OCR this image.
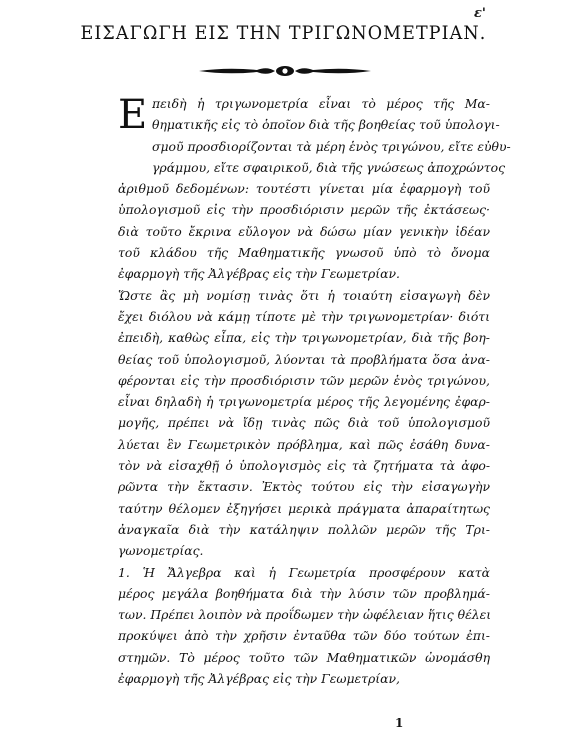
ε'
ΕΙΣΑΓΩΓΗ ΕΙΣ ΤΗΝ ΤΡΙΓΩΝΟΜΕΤΡΙΑΝ.
Ε πειδὴ ἡ τριγωνομετρία εἶναι τὸ μέρος τῆς Μα-
θηματικῆς εἰς τὸ ὁποῖον διὰ τῆς βοηθείας τοῦ ὑπολογι-
σμοῦ προσδιορίζονται τὰ μέρη ἑνὸς τριγώνου, εἴτε εὐθυ-
γράμμου, εἴτε σφαιρικοῦ, διὰ τῆς γνώσεως ἀποχρώντος
ἀριθμοῦ δεδομένων: τουτέστι γίνεται μία ἐφαρμογὴ τοῦ
ὑπολογισμοῦ εἰς τὴν προσδιόρισιν μερῶν τῆς ἐκτάσεως·
διὰ τοῦτο ἔκρινα εὔλογον νὰ δώσω μίαν γενικὴν ἰδέαν
τοῦ κλάδου τῆς Μαθηματικῆς γνωσοῦ ὑπὸ τὸ ὄνομα
ἐφαρμογὴ τῆς Ἀλγέβρας εἰς τὴν Γεωμετρίαν.
Ὥστε ἂς μὴ νομίσῃ τινὰς ὅτι ἡ τοιαύτη εἰσαγωγὴ δὲν
ἔχει διόλου νὰ κάμῃ τίποτε μὲ τὴν τριγωνομετρίαν· διότι
ἐπειδὴ, καθὼς εἶπα, εἰς τὴν τριγωνομετρίαν, διὰ τῆς βοη-
θείας τοῦ ὑπολογισμοῦ, λύονται τὰ προβλήματα ὅσα ἀνα-
φέρονται εἰς τὴν προσδιόρισιν τῶν μερῶν ἑνὸς τριγώνου,
εἶναι δηλαδὴ ἡ τριγωνομετρία μέρος τῆς λεγομένης ἐφαρ-
μογῆς, πρέπει νὰ ἴδῃ τινὰς πῶς διὰ τοῦ ὑπολογισμοῦ
λύεται ἓν Γεωμετρικὸν πρόβλημα, καὶ πῶς ἐσάθη δυνα-
τὸν νὰ εἰσαχθῇ ὁ ὑπολογισμὸς εἰς τὰ ζητήματα τὰ ἀφο-
ρῶντα τὴν ἔκτασιν. Ἐκτὸς τούτου εἰς τὴν εἰσαγωγὴν
ταύτην θέλομεν ἐξηγήσει μερικὰ πράγματα ἀπαραίτητως
ἀναγκαῖα διὰ τὴν κατάληψιν πολλῶν μερῶν τῆς Τρι-
γωνομετρίας.
1. Ἡ Ἄλγεβρα καὶ ἡ Γεωμετρία προσφέρουν κατὰ
μέρος μεγάλα βοηθήματα διὰ τὴν λύσιν τῶν προβλημά-
των. Πρέπει λοιπὸν νὰ προΐδωμεν τὴν ὠφέλειαν ἥτις θέλει
προκύψει ἀπὸ τὴν χρῆσιν ἐνταῦθα τῶν δύο τούτων ἐπι-
στημῶν. Τὸ μέρος τοῦτο τῶν Μαθηματικῶν ὠνομάσθη
ἐφαρμογὴ τῆς Ἀλγέβρας εἰς τὴν Γεωμετρίαν,
1
